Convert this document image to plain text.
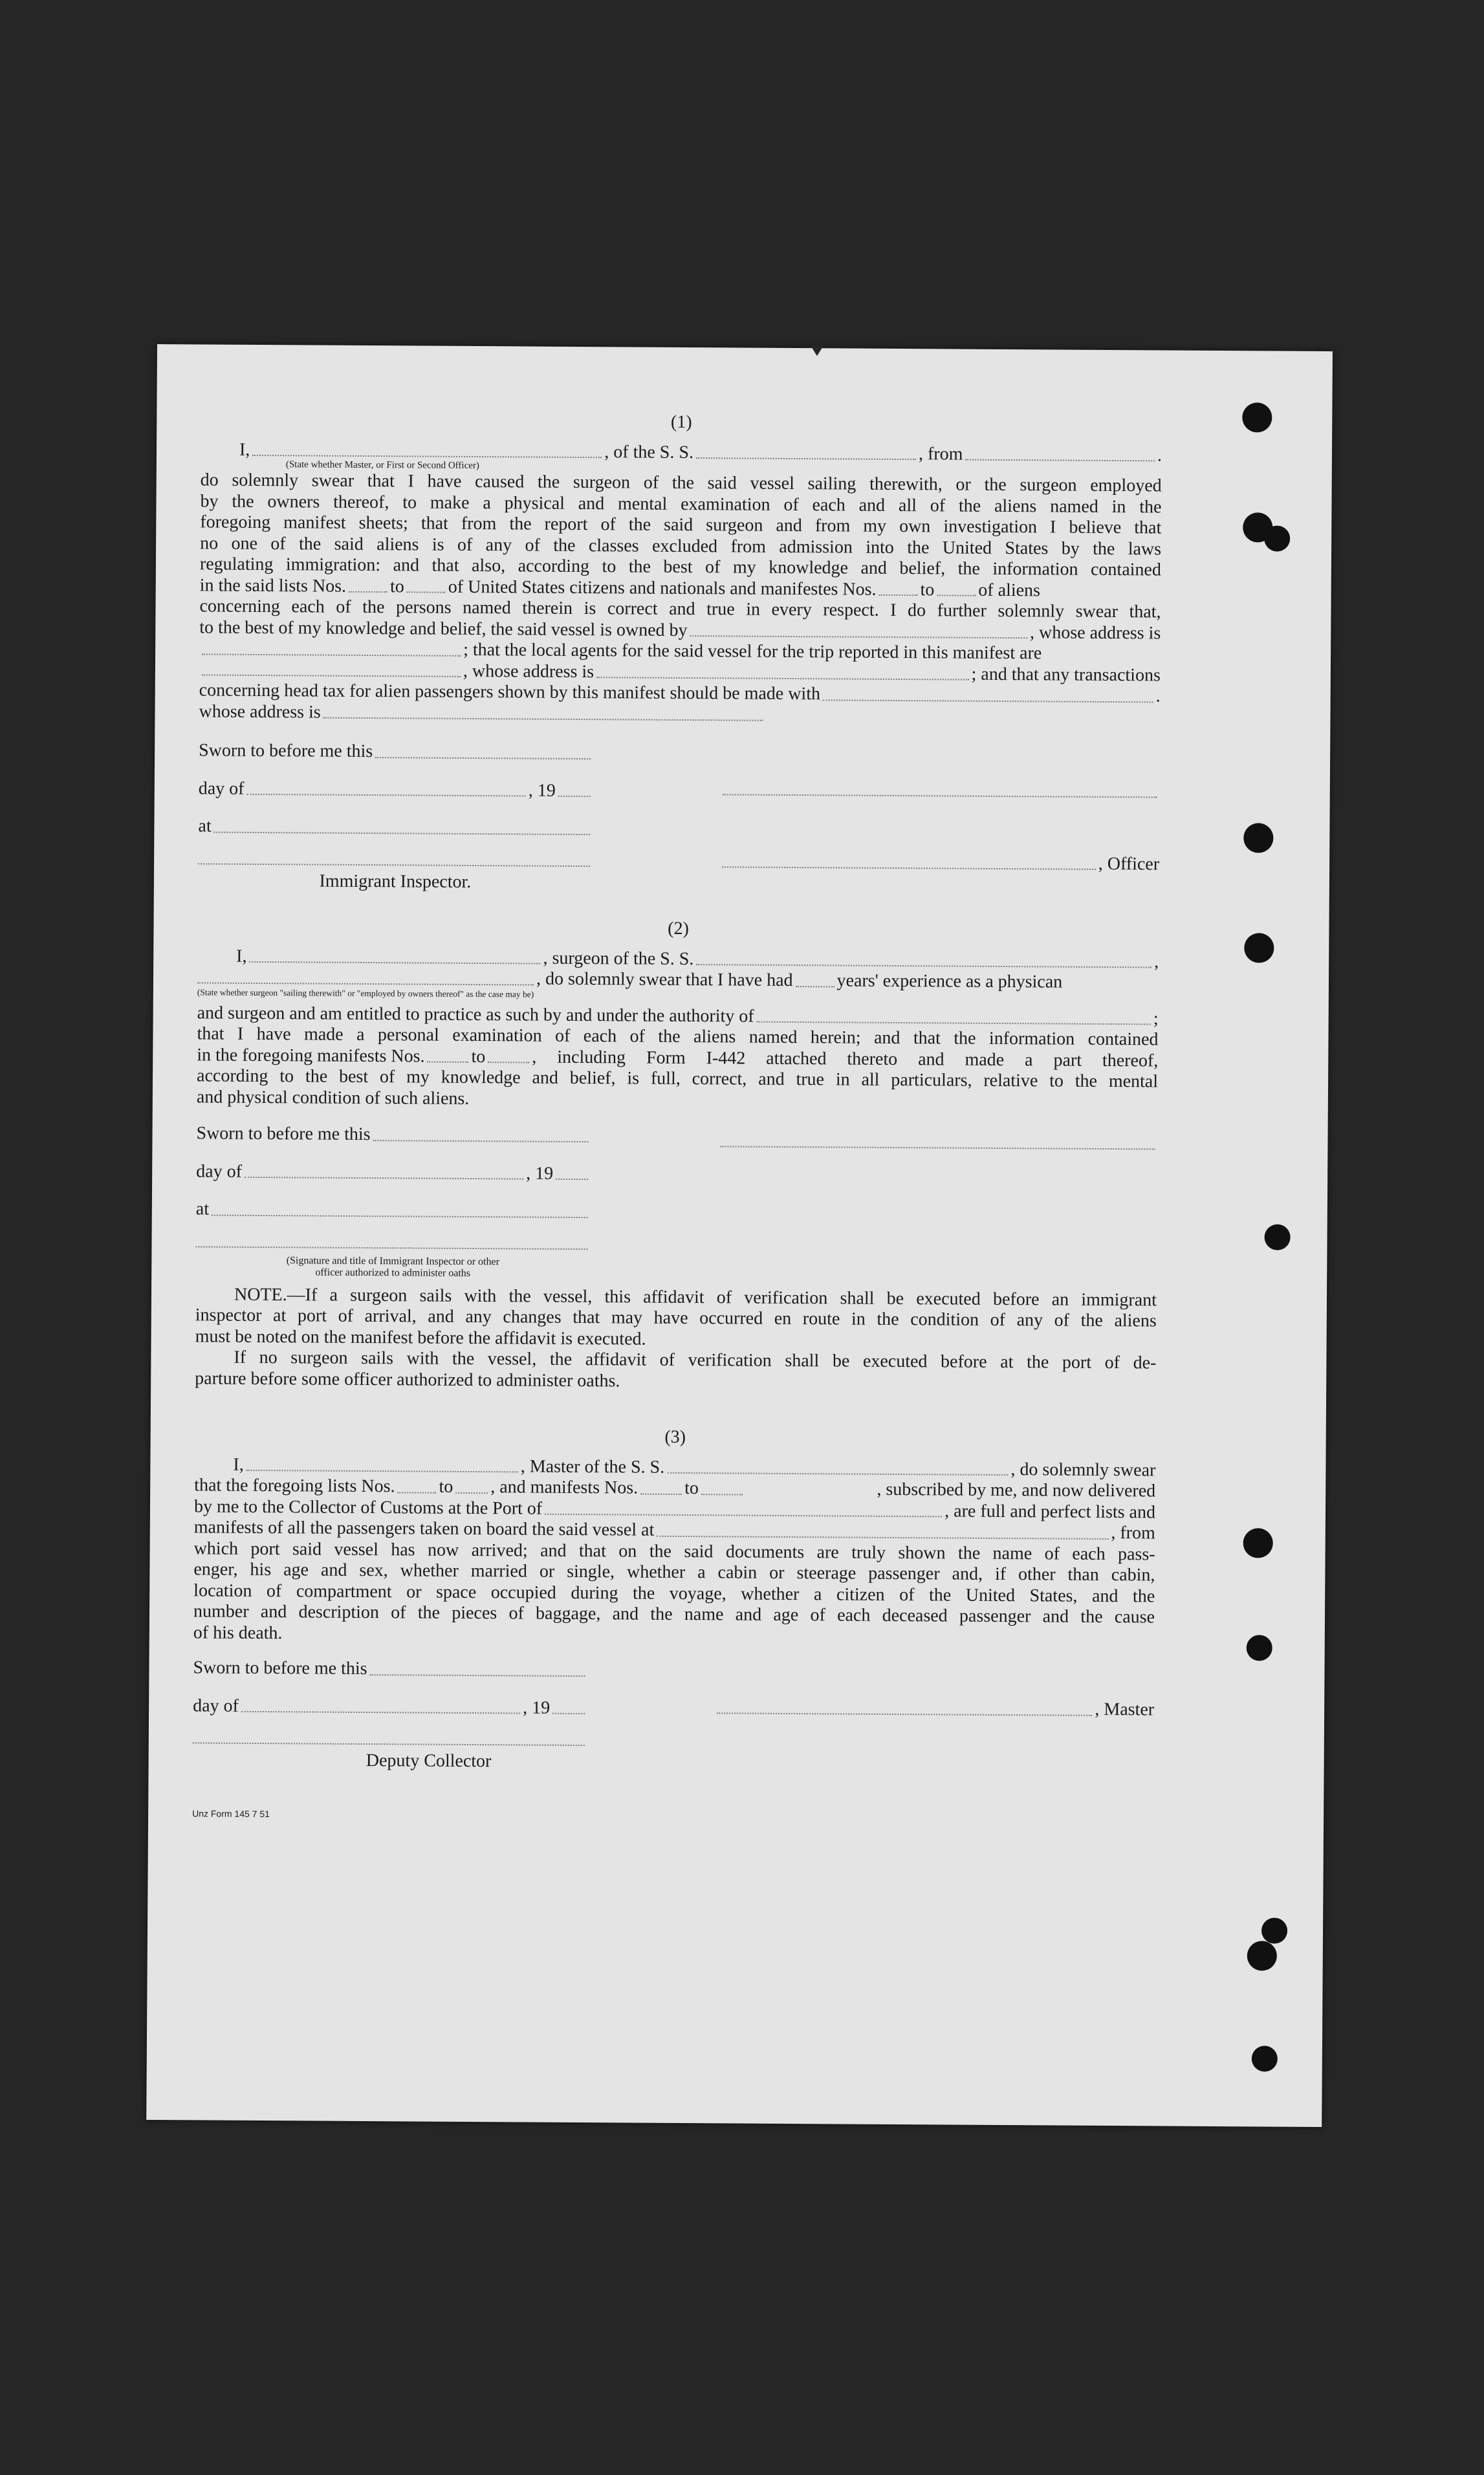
(1)
I,	, of the S. S.	, from	.
(State whether Master, or First or Second Officer)
do solemnly swear that I have caused the surgeon of the said vessel sailing therewith, or the surgeon employed
by the owners thereof, to make a physical and mental examination of each and all of the aliens named in the
foregoing manifest sheets; that from the report of the said surgeon and from my own investigation I believe that
no one of the said aliens is of any of the classes excluded from admission into the United States by the laws
regulating immigration: and that also, according to the best of my knowledge and belief, the information contained
in the said lists Nos. to of United States citizens and nationals and manifestes Nos. to of aliens
concerning each of the persons named therein is correct and true in every respect. I do further solemnly swear that,
to the best of my knowledge and belief, the said vessel is owned by	, whose address is
; that the local agents for the said vessel for the trip reported in this manifest are
, whose address is	; and that any transactions
concerning head tax for alien passengers shown by this manifest should be made with	.
whose address is
Sworn to before me this
day of	, 19
at
Immigrant Inspector.
, Officer
(2)
I,	, surgeon of the S. S.	,
, do solemnly swear that I have had years' experience as a physican
(State whether surgeon "sailing therewith" or "employed by owners thereof" as the case may be)
and surgeon and am entitled to practice as such by and under the authority of	;
that I have made a personal examination of each of the aliens named herein; and that the information contained
in the foregoing manifests Nos.	to	, including Form I-442 attached thereto and made a part thereof,
according to the best of my knowledge and belief, is full, correct, and true in all particulars, relative to the mental
and physical condition of such aliens.
Sworn to before me this
day of	, 19
at
(Signature and title of Immigrant Inspector or other
officer authorized to administer oaths
NOTE.—If a surgeon sails with the vessel, this affidavit of verification shall be executed before an immigrant
inspector at port of arrival, and any changes that may have occurred en route in the condition of any of the aliens
must be noted on the manifest before the affidavit is executed.
If no surgeon sails with the vessel, the affidavit of verification shall be executed before at the port of de-
parture before some officer authorized to administer oaths.
(3)
I,	, Master of the S. S.	, do solemnly swear
that the foregoing lists Nos. to , and manifests Nos.	to	, subscribed by me, and now delivered
by me to the Collector of Customs at the Port of	, are full and perfect lists and
manifests of all the passengers taken on board the said vessel at	, from
which port said vessel has now arrived; and that on the said documents are truly shown the name of each pass-
enger, his age and sex, whether married or single, whether a cabin or steerage passenger and, if other than cabin,
location of compartment or space occupied during the voyage, whether a citizen of the United States, and the
number and description of the pieces of baggage, and the name and age of each deceased passenger and the cause
of his death.
Sworn to before me this
day of	, 19
Deputy Collector
, Master
Unz Form 145 7 51
